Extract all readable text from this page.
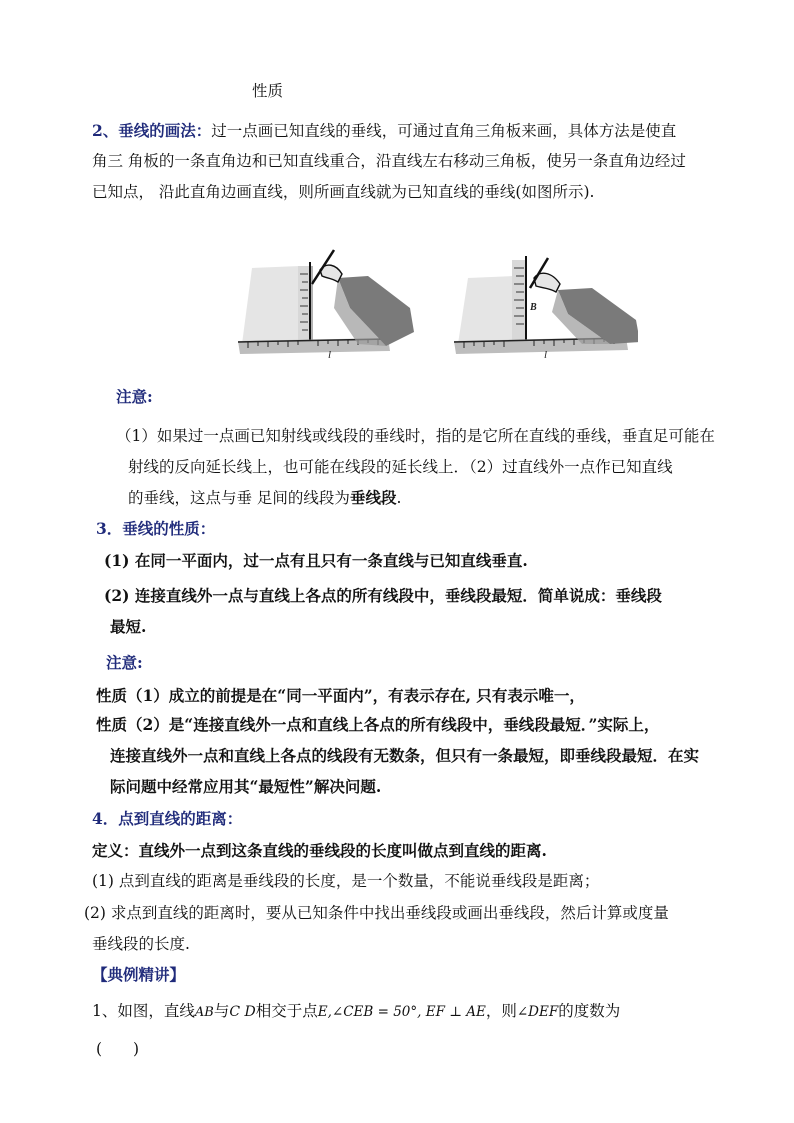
性质
2、垂线的画法：过一点画已知直线的垂线，可通过直角三角板来画，具体方法是使直
角三 角板的一条直角边和已知直线重合，沿直线左右移动三角板，使另一条直角边经过
已知点， 沿此直角边画直线，则所画直线就为已知直线的垂线(如图所示).
l
B
l
注意:
（1）如果过一点画已知射线或线段的垂线时，指的是它所在直线的垂线，垂直足可能在
射线的反向延长线上，也可能在线段的延长线上．（2）过直线外一点作已知直线
的垂线，这点与垂 足间的线段为垂线段.
3．垂线的性质：
(1) 在同一平面内，过一点有且只有一条直线与已知直线垂直.
(2) 连接直线外一点与直线上各点的所有线段中，垂线段最短．简单说成：垂线段
最短.
注意:
性质（1）成立的前提是在“同一平面内”，有表示存在, 只有表示唯一，
性质（2）是“连接直线外一点和直线上各点的所有线段中，垂线段最短．”实际上，
连接直线外一点和直线上各点的线段有无数条，但只有一条最短，即垂线段最短．在实
际问题中经常应用其“最短性”解决问题.
4．点到直线的距离：
定义：直线外一点到这条直线的垂线段的长度叫做点到直线的距离.
(1) 点到直线的距离是垂线段的长度，是一个数量，不能说垂线段是距离；
(2) 求点到直线的距离时，要从已知条件中找出垂线段或画出垂线段，然后计算或度量
垂线段的长度.
【典例精讲】
1、如图，直线AB与C D相交于点E,∠CEB = 50°, EF ⊥ AE，则∠DEF的度数为
(　　)
